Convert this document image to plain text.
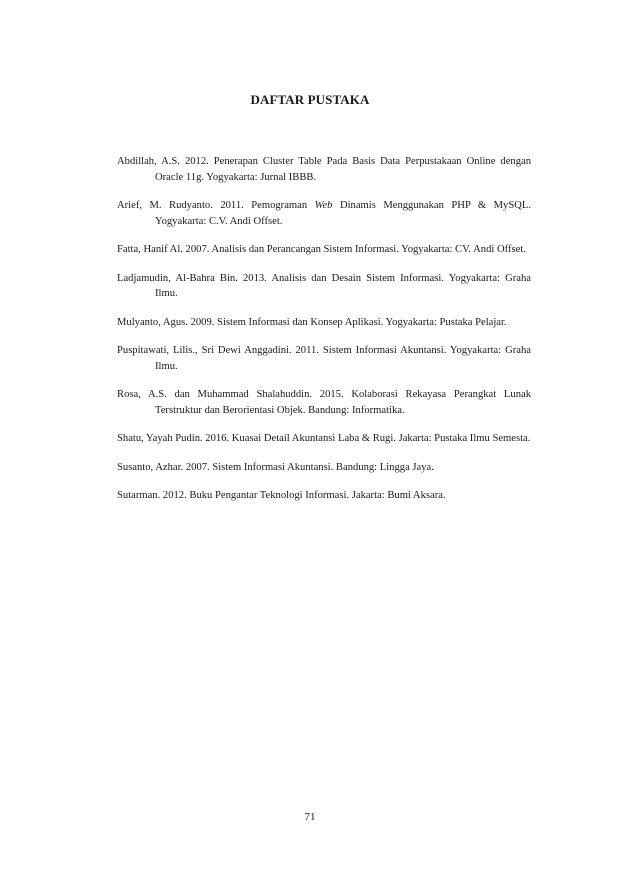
DAFTAR PUSTAKA
Abdillah, A.S. 2012. Penerapan Cluster Table Pada Basis Data Perpustakaan Online dengan Oracle 11g. Yogyakarta: Jurnal IBBB.
Arief, M. Rudyanto. 2011. Pemograman Web Dinamis Menggunakan PHP & MySQL. Yogyakarta: C.V. Andi Offset.
Fatta, Hanif Al. 2007. Analisis dan Perancangan Sistem Informasi. Yogyakarta: CV. Andi Offset.
Ladjamudin, Al-Bahra Bin. 2013. Analisis dan Desain Sistem Informasi. Yogyakarta: Graha Ilmu.
Mulyanto, Agus. 2009. Sistem Informasi dan Konsep Aplikasi. Yogyakarta: Pustaka Pelajar.
Puspitawati, Lilis., Sri Dewi Anggadini. 2011. Sistem Informasi Akuntansi. Yogyakarta: Graha Ilmu.
Rosa, A.S. dan Muhammad Shalahuddin. 2015. Kolaborasi Rekayasa Perangkat Lunak Terstruktur dan Berorientasi Objek. Bandung: Informatika.
Shatu, Yayah Pudin. 2016. Kuasai Detail Akuntansi Laba & Rugi. Jakarta: Pustaka Ilmu Semesta.
Susanto, Azhar. 2007. Sistem Informasi Akuntansi. Bandung: Lingga Jaya.
Sutarman. 2012. Buku Pengantar Teknologi Informasi. Jakarta: Bumi Aksara.

71
